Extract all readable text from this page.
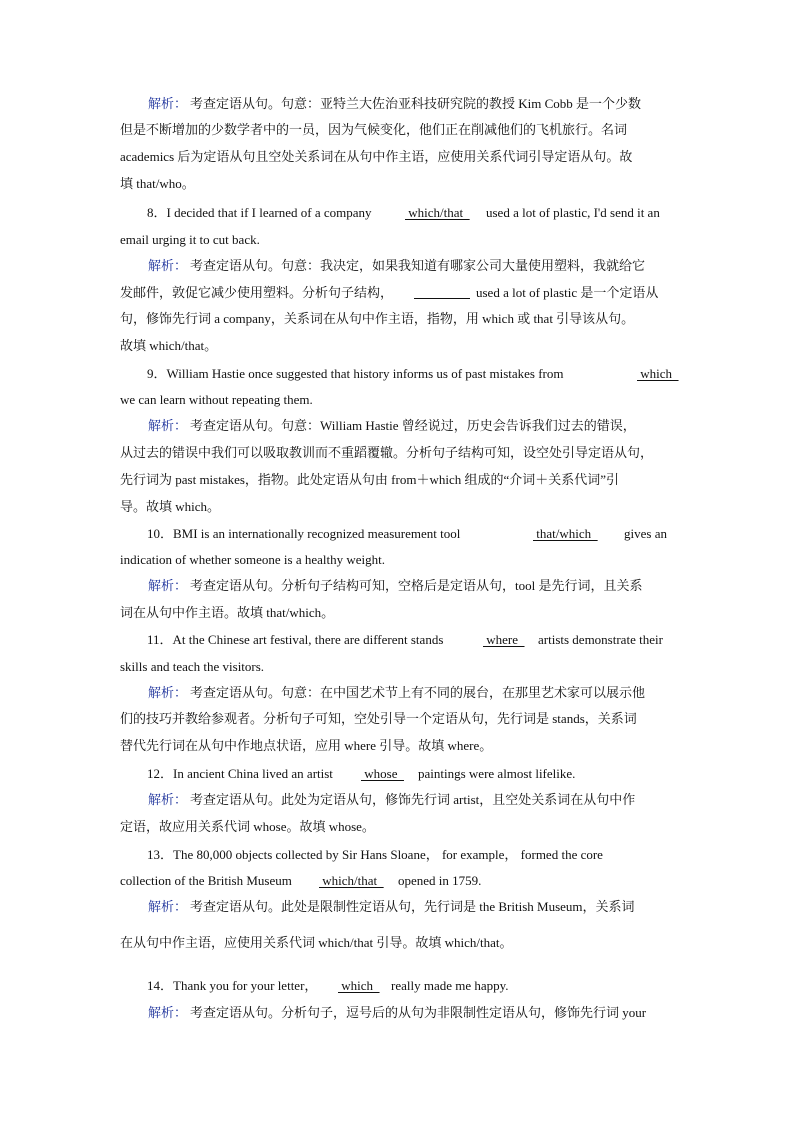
解析： 考查定语从句。句意：亚特兰大佐治亚科技研究院的教授 Kim Cobb 是一个少数
但是不断增加的少数学者中的一员，因为气候变化，他们正在削减他们的飞机旅行。名词
academics 后为定语从句且空处关系词在从句中作主语，应使用关系代词引导定语从句。故
填 that/who。
8．I decided that if I learned of a company	which/that used a lot of plastic, I'd send it an
email urging it to cut back.
解析： 考查定语从句。句意：我决定，如果我知道有哪家公司大量使用塑料，我就给它
发邮件，敦促它减少使用塑料。分析句子结构，	used a lot of plastic 是一个定语从
句，修饰先行词 a company，关系词在从句中作主语，指物，用 which 或 that 引导该从句。
故填 which/that。
9．William Hastie once suggested that history informs us of past mistakes from	which
we can learn without repeating them.
解析： 考查定语从句。句意：William Hastie 曾经说过，历史会告诉我们过去的错误，
从过去的错误中我们可以吸取教训而不重蹈覆辙。分析句子结构可知，设空处引导定语从句，
先行词为 past mistakes，指物。此处定语从句由 from＋which 组成的“介词＋关系代词”引
导。故填 which。
10．BMI is an internationally recognized measurement tool	that/which gives an
indication of whether someone is a healthy weight.
解析： 考查定语从句。分析句子结构可知，空格后是定语从句，tool 是先行词，且关系
词在从句中作主语。故填 that/which。
11．At the Chinese art festival, there are different stands	where artists demonstrate their
skills and teach the visitors.
解析： 考查定语从句。句意：在中国艺术节上有不同的展台，在那里艺术家可以展示他
们的技巧并教给参观者。分析句子可知，空处引导一个定语从句，先行词是 stands，关系词
替代先行词在从句中作地点状语，应用 where 引导。故填 where。
12．In ancient China lived an artist whose paintings were almost lifelike.
解析： 考查定语从句。此处为定语从句，修饰先行词 artist，且空处关系词在从句中作
定语，故应用关系代词 whose。故填 whose。
13．The 80,000 objects collected by Sir Hans Sloane， for example， formed the core
collection of the British Museum which/that opened in 1759.
解析： 考查定语从句。此处是限制性定语从句，先行词是 the British Museum，关系词
在从句中作主语，应使用关系代词 which/that 引导。故填 which/that。
14．Thank you for your letter， which really made me happy.
解析： 考查定语从句。分析句子，逗号后的从句为非限制性定语从句，修饰先行词 your
